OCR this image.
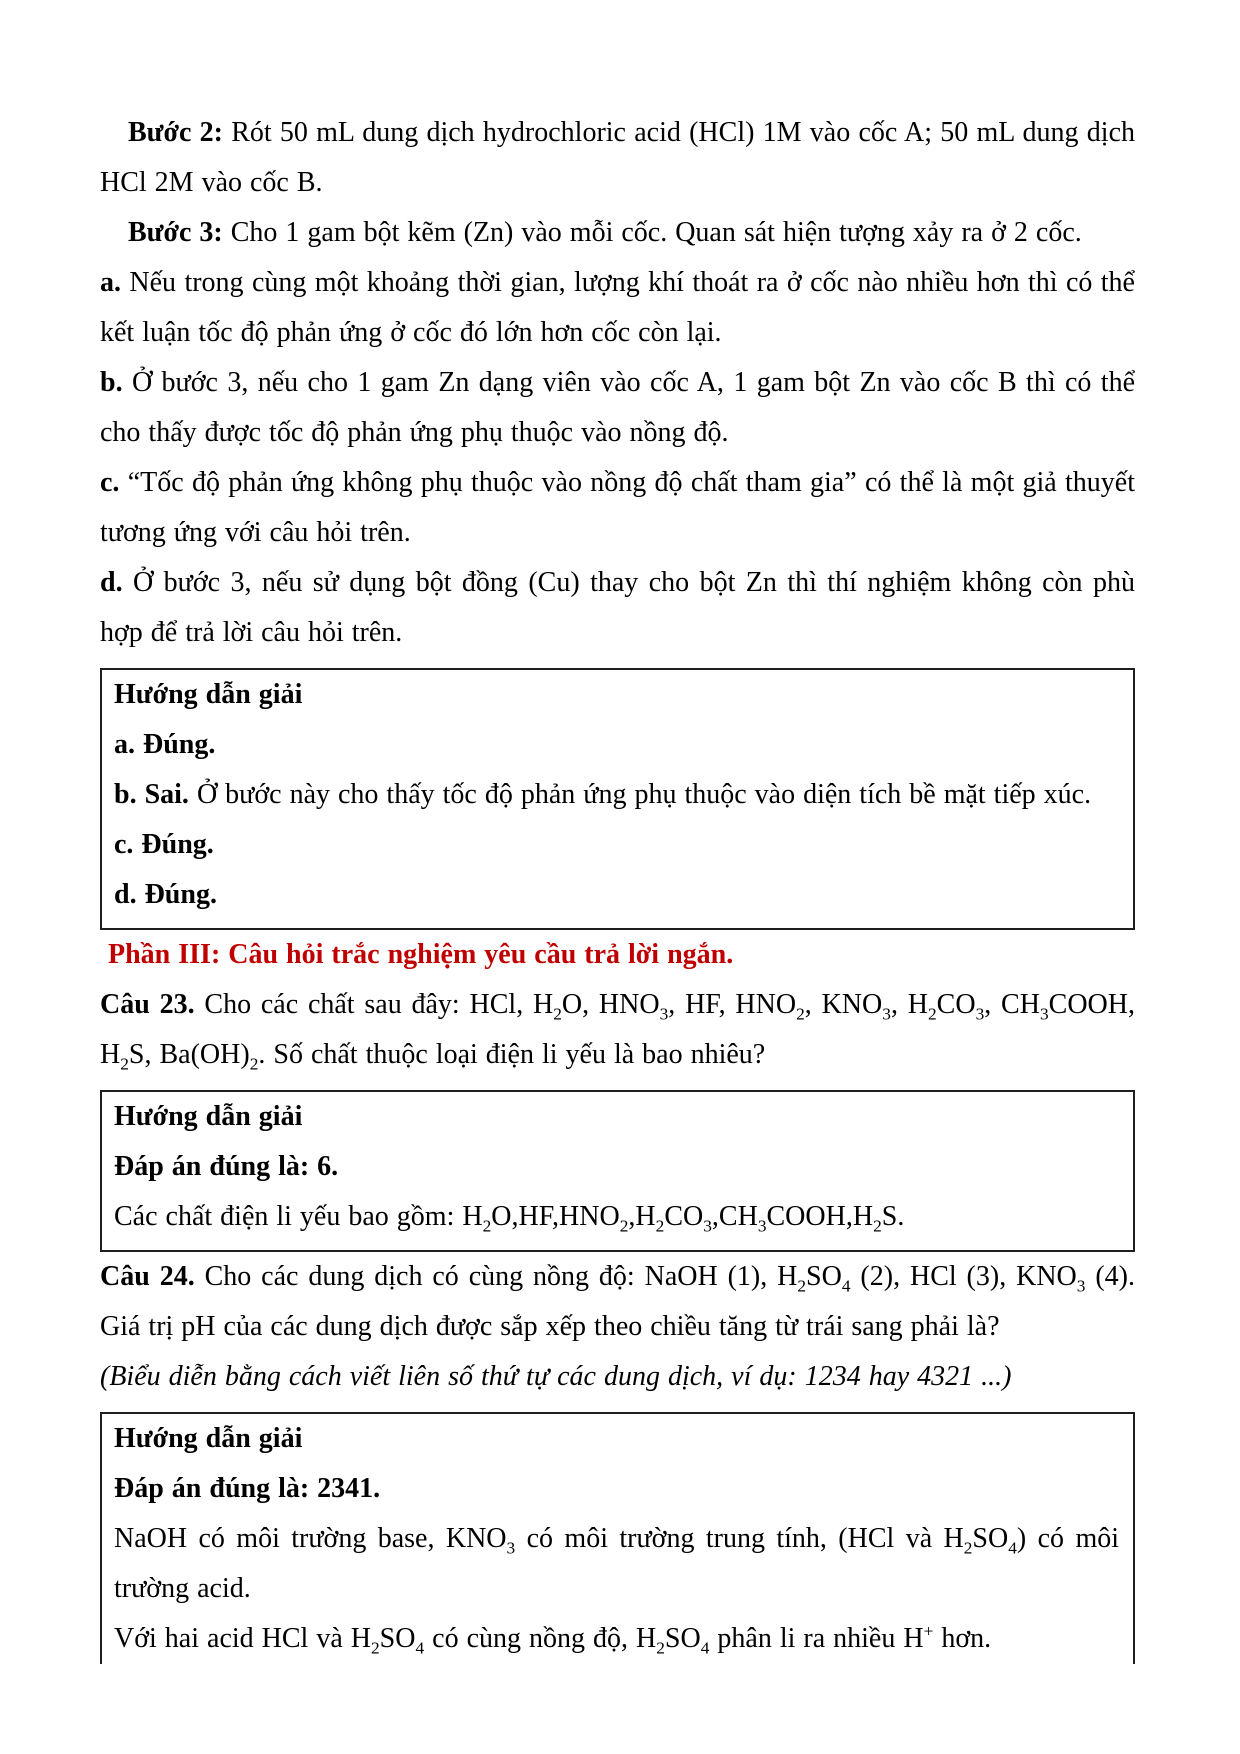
Bước 2: Rót 50 mL dung dịch hydrochloric acid (HCl) 1M vào cốc A; 50 mL dung dịch HCl 2M vào cốc B.

Bước 3: Cho 1 gam bột kẽm (Zn) vào mỗi cốc. Quan sát hiện tượng xảy ra ở 2 cốc.

a. Nếu trong cùng một khoảng thời gian, lượng khí thoát ra ở cốc nào nhiều hơn thì có thể kết luận tốc độ phản ứng ở cốc đó lớn hơn cốc còn lại.

b. Ở bước 3, nếu cho 1 gam Zn dạng viên vào cốc A, 1 gam bột Zn vào cốc B thì có thể cho thấy được tốc độ phản ứng phụ thuộc vào nồng độ.

c. “Tốc độ phản ứng không phụ thuộc vào nồng độ chất tham gia” có thể là một giả thuyết tương ứng với câu hỏi trên.

d. Ở bước 3, nếu sử dụng bột đồng (Cu) thay cho bột Zn thì thí nghiệm không còn phù hợp để trả lời câu hỏi trên.

Hướng dẫn giải

a. Đúng.

b. Sai. Ở bước này cho thấy tốc độ phản ứng phụ thuộc vào diện tích bề mặt tiếp xúc.

c. Đúng.

d. Đúng.

Phần III: Câu hỏi trắc nghiệm yêu cầu trả lời ngắn.

Câu 23. Cho các chất sau đây: HCl, $H_2O$, $HNO_3$, HF, $HNO_2$, $KNO_3$, $H_2CO_3$, $CH_3COOH$, $H_2S$, $Ba(OH)_2$. Số chất thuộc loại điện li yếu là bao nhiêu?

Hướng dẫn giải

Đáp án đúng là: 6.

Các chất điện li yếu bao gồm: $H_2O,HF,HNO_2,H_2CO_3,CH_3COOH,H_2S$.

Câu 24. Cho các dung dịch có cùng nồng độ: NaOH (1), $H_2SO_4$ (2), HCl (3), $KNO_3$ (4). Giá trị pH của các dung dịch được sắp xếp theo chiều tăng từ trái sang phải là?

(Biểu diễn bằng cách viết liên số thứ tự các dung dịch, ví dụ: 1234 hay 4321 ...)

Hướng dẫn giải

Đáp án đúng là: 2341.

NaOH có môi trường base, $KNO_3$ có môi trường trung tính, (HCl và $H_2SO_4$) có môi trường acid.

Với hai acid HCl và $H_2SO_4$ có cùng nồng độ, $H_2SO_4$ phân li ra nhiều H+ hơn.
